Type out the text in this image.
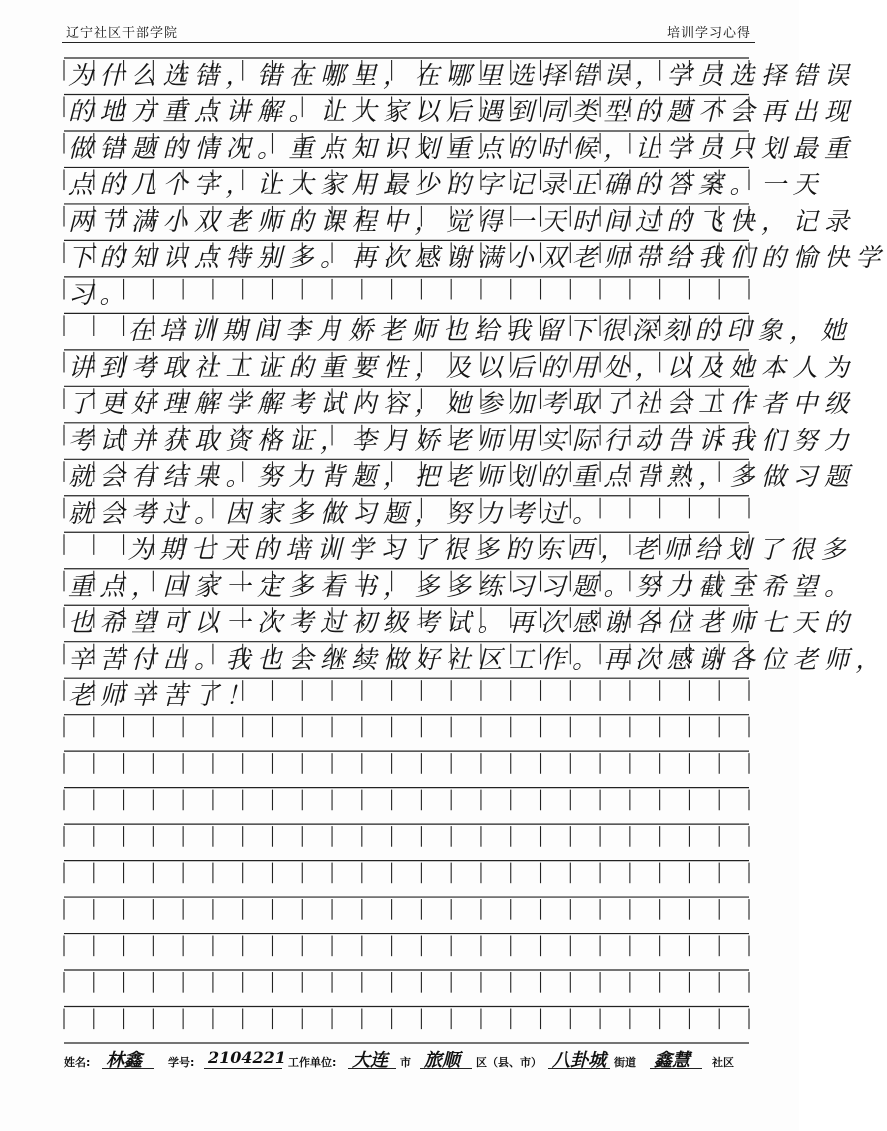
辽宁社区干部学院	培训学习心得
为什么选错，错在哪里，在哪里选择错误，学员选择错误
的地方重点讲解。让大家以后遇到同类型的题不会再出现
做错题的情况。重点知识划重点的时候，让学员只划最重
点的几个字，让大家用最少的字记录正确的答案。一天
两节满小双老师的课程中，觉得一天时间过的飞快，记录
下的知识点特别多。再次感谢满小双老师带给我们的愉快学
习。
在培训期间李月娇老师也给我留下很深刻的印象，她
讲到考取社工证的重要性，及以后的用处，以及她本人为
了更好理解学解考试内容，她参加考取了社会工作者中级
考试并获取资格证，李月娇老师用实际行动告诉我们努力
就会有结果。努力背题，把老师划的重点背熟，多做习题
就会考过。因家多做习题，努力考过。
为期七天的培训学习了很多的东西，老师给划了很多
重点，回家一定多看书，多多练习习题。努力截至希望。
也希望可以一次考过初级考试。再次感谢各位老师七天的
辛苦付出。我也会继续做好社区工作。再次感谢各位老师，
老师辛苦了！
姓名: 林鑫 学号: 2104221 工作单位: 大连 市 旅顺 区（县、市） 八卦城 街道 鑫慧 社区
